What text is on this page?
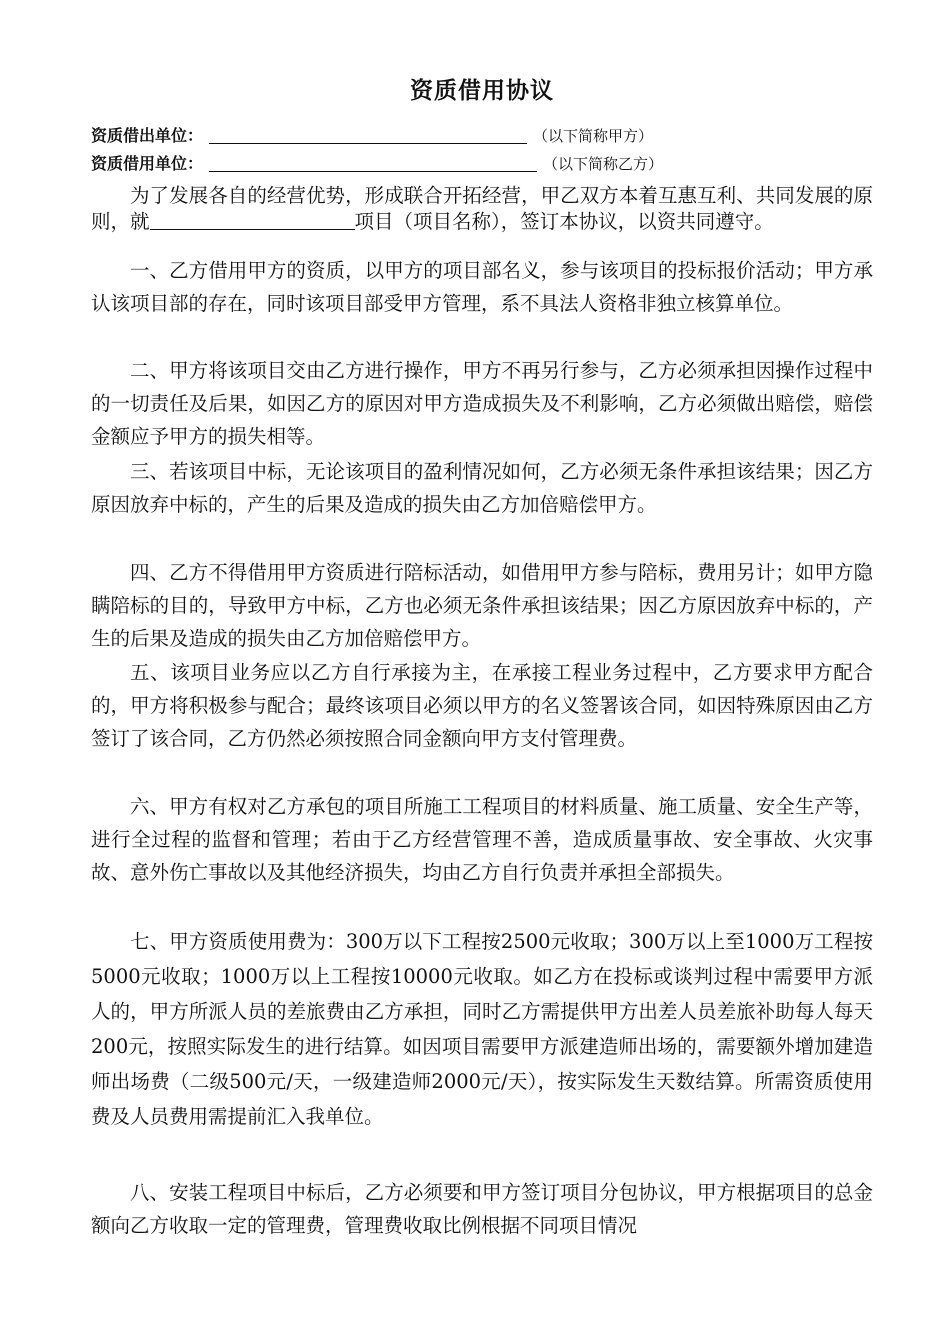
资质借用协议
资质借出单位：	（以下简称甲方）
资质借用单位：	（以下简称乙方）

为了发展各自的经营优势，形成联合开拓经营，甲乙双方本着互惠互利、共同发展的原则，就	项目（项目名称），签订本协议，以资共同遵守。

一、乙方借用甲方的资质，以甲方的项目部名义，参与该项目的投标报价活动；甲方承认该项目部的存在，同时该项目部受甲方管理，系不具法人资格非独立核算单位。

二、甲方将该项目交由乙方进行操作，甲方不再另行参与，乙方必须承担因操作过程中的一切责任及后果，如因乙方的原因对甲方造成损失及不利影响，乙方必须做出赔偿，赔偿金额应予甲方的损失相等。

三、若该项目中标，无论该项目的盈利情况如何，乙方必须无条件承担该结果；因乙方原因放弃中标的，产生的后果及造成的损失由乙方加倍赔偿甲方。

四、乙方不得借用甲方资质进行陪标活动，如借用甲方参与陪标，费用另计；如甲方隐瞒陪标的目的，导致甲方中标，乙方也必须无条件承担该结果；因乙方原因放弃中标的，产生的后果及造成的损失由乙方加倍赔偿甲方。

五、该项目业务应以乙方自行承接为主，在承接工程业务过程中，乙方要求甲方配合的，甲方将积极参与配合；最终该项目必须以甲方的名义签署该合同，如因特殊原因由乙方签订了该合同，乙方仍然必须按照合同金额向甲方支付管理费。

六、甲方有权对乙方承包的项目所施工工程项目的材料质量、施工质量、安全生产等，进行全过程的监督和管理；若由于乙方经营管理不善，造成质量事故、安全事故、火灾事故、意外伤亡事故以及其他经济损失，均由乙方自行负责并承担全部损失。

七、甲方资质使用费为：300万以下工程按2500元收取；300万以上至1000万工程按5000元收取；1000万以上工程按10000元收取。如乙方在投标或谈判过程中需要甲方派人的，甲方所派人员的差旅费由乙方承担，同时乙方需提供甲方出差人员差旅补助每人每天200元，按照实际发生的进行结算。如因项目需要甲方派建造师出场的，需要额外增加建造师出场费（二级500元/天，一级建造师2000元/天），按实际发生天数结算。所需资质使用费及人员费用需提前汇入我单位。

八、安装工程项目中标后，乙方必须要和甲方签订项目分包协议，甲方根据项目的总金额向乙方收取一定的管理费，管理费收取比例根据不同项目情况
